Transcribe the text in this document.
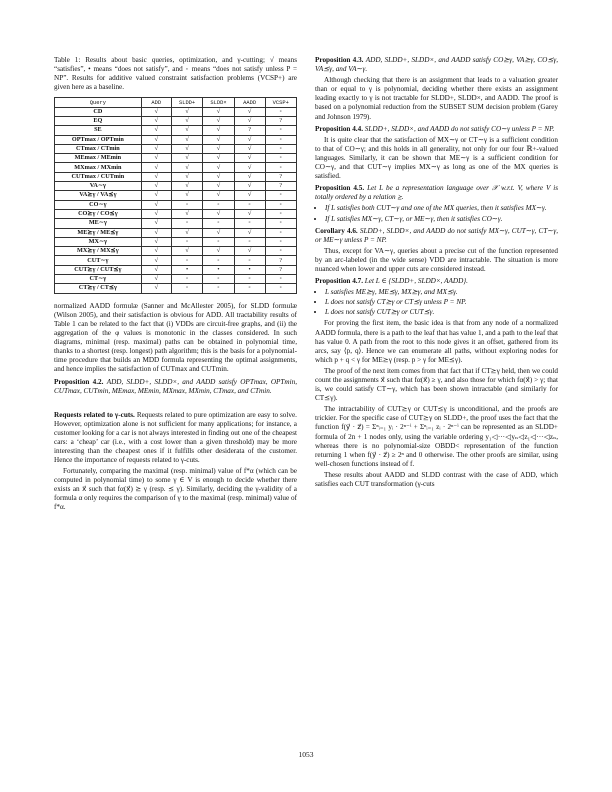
Table 1: Results about basic queries, optimization, and γ-cutting; √ means “satisfies”, • means “does not satisfy”, and ◦ means “does not satisfy unless P = NP”. Results for additive valued constraint satisfaction problems (VCSP+) are given here as a baseline.

Query	ADD	SLDD+	SLDD×	AADD	VCSP+
CD	√	√	√	√	◦
EQ	√	√	√	√	?
SE	√	√	√	?	◦
OPTmax / OPTmin	√	√	√	√	◦
CTmax / CTmin	√	√	√	√	◦
MEmax / MEmin	√	√	√	√	◦
MXmax / MXmin	√	√	√	√	◦
CUTmax / CUTmin	√	√	√	√	?
VA∼γ	√	√	√	√	?
VA⪰γ / VA⪯γ	√	√	√	√	◦
CO∼γ	√	◦	◦	◦	◦
CO⪰γ / CO⪯γ	√	√	√	√	◦
ME∼γ	√	◦	◦	◦	◦
ME⪰γ / ME⪯γ	√	√	√	√	◦
MX∼γ	√	◦	◦	◦	◦
MX⪰γ / MX⪯γ	√	√	√	√	◦
CUT∼γ	√	◦	◦	◦	?
CUT⪰γ / CUT⪯γ	√	•	•	•	?
CT∼γ	√	◦	◦	◦	◦
CT⪰γ / CT⪯γ	√	◦	◦	◦	◦

normalized AADD formulæ (Sanner and McAllester 2005), for SLDD formulæ (Wilson 2005), and their satisfaction is obvious for ADD. All tractability results of Table 1 can be related to the fact that (i) VDDs are circuit-free graphs, and (ii) the aggregation of the φ values is monotonic in the classes considered. In such diagrams, minimal (resp. maximal) paths can be obtained in polynomial time, thanks to a shortest (resp. longest) path algorithm; this is the basis for a polynomial-time procedure that builds an MDD formula representing the optimal assignments, and hence implies the satisfaction of CUTmax and CUTmin.

Proposition 4.2. ADD, SLDD+, SLDD×, and AADD satisfy OPTmax, OPTmin, CUTmax, CUTmin, MEmax, MEmin, MXmax, MXmin, CTmax, and CTmin.

Requests related to γ-cuts. Requests related to pure optimization are easy to solve. However, optimization alone is not sufficient for many applications; for instance, a customer looking for a car is not always interested in finding out one of the cheapest cars: a ‘cheap’ car (i.e., with a cost lower than a given threshold) may be more interesting than the cheapest ones if it fulfills other desiderata of the customer. Hence the importance of requests related to γ-cuts.

Fortunately, comparing the maximal (resp. minimal) value of f*α (which can be computed in polynomial time) to some γ ∈ V is enough to decide whether there exists an x⃗ such that fα(x⃗) ⪰ γ (resp. ⪯ γ). Similarly, deciding the γ-validity of a formula α only requires the comparison of γ to the maximal (resp. minimal) value of f*α.

Proposition 4.3. ADD, SLDD+, SLDD×, and AADD satisfy CO⪰γ, VA⪰γ, CO⪯γ, VA⪯γ, and VA∼γ.

Although checking that there is an assignment that leads to a valuation greater than or equal to γ is polynomial, deciding whether there exists an assignment leading exactly to γ is not tractable for SLDD+, SLDD×, and AADD. The proof is based on a polynomial reduction from the SUBSET SUM decision problem (Garey and Johnson 1979).

Proposition 4.4. SLDD+, SLDD×, and AADD do not satisfy CO∼γ unless P = NP.

It is quite clear that the satisfaction of MX∼γ or CT∼γ is a sufficient condition to that of CO∼γ; and this holds in all generality, not only for our four ℝ+-valued languages. Similarly, it can be shown that ME∼γ is a sufficient condition for CO∼γ, and that CUT∼γ implies MX∼γ as long as one of the MX queries is satisfied.

Proposition 4.5. Let L be a representation language over 𝒳 w.r.t. V, where V is totally ordered by a relation ⪰.

• If L satisfies both CUT∼γ and one of the MX queries, then it satisfies MX∼γ.
• If L satisfies MX∼γ, CT∼γ, or ME∼γ, then it satisfies CO∼γ.

Corollary 4.6. SLDD+, SLDD×, and AADD do not satisfy MX∼γ, CUT∼γ, CT∼γ, or ME∼γ unless P = NP.

Thus, except for VA∼γ, queries about a precise cut of the function represented by an arc-labeled (in the wide sense) VDD are intractable. The situation is more nuanced when lower and upper cuts are considered instead.

Proposition 4.7. Let L ∈ {SLDD+, SLDD×, AADD}.

• L satisfies ME⪰γ, ME⪯γ, MX⪰γ, and MX⪯γ.
• L does not satisfy CT⪰γ or CT⪯γ unless P = NP.
• L does not satisfy CUT⪰γ or CUT⪯γ.

For proving the first item, the basic idea is that from any node of a normalized AADD formula, there is a path to the leaf that has value 1, and a path to the leaf that has value 0. A path from the root to this node gives it an offset, gathered from its arcs, say ⟨p, q⟩. Hence we can enumerate all paths, without exploring nodes for which p + q < γ for ME⪰γ (resp. p > γ for ME⪯γ).

The proof of the next item comes from that fact that if CT⪰γ held, then we could count the assignments x⃗ such that fα(x⃗) ≥ γ, and also those for which fα(x⃗) > γ; that is, we could satisfy CT∼γ, which has been shown intractable (and similarly for CT⪯γ).

The intractability of CUT⪰γ or CUT⪯γ is unconditional, and the proofs are trickier. For the specific case of CUT⪰γ on SLDD+, the proof uses the fact that the function f(y⃗ · z⃗) = Σⁿᵢ₌₁ yᵢ · 2ⁿ⁻ⁱ + Σⁿᵢ₌₁ zᵢ · 2ⁿ⁻ⁱ can be represented as an SLDD+ formula of 2n + 1 nodes only, using the variable ordering y₁◁···◁yₙ◁z₁◁···◁zₙ, whereas there is no polynomial-size OBDD< representation of the function returning 1 when f(y⃗ · z⃗) ≥ 2ⁿ and 0 otherwise. The other proofs are similar, using well-chosen functions instead of f.

These results about AADD and SLDD contrast with the case of ADD, which satisfies each CUT transformation (γ-cuts

1053
